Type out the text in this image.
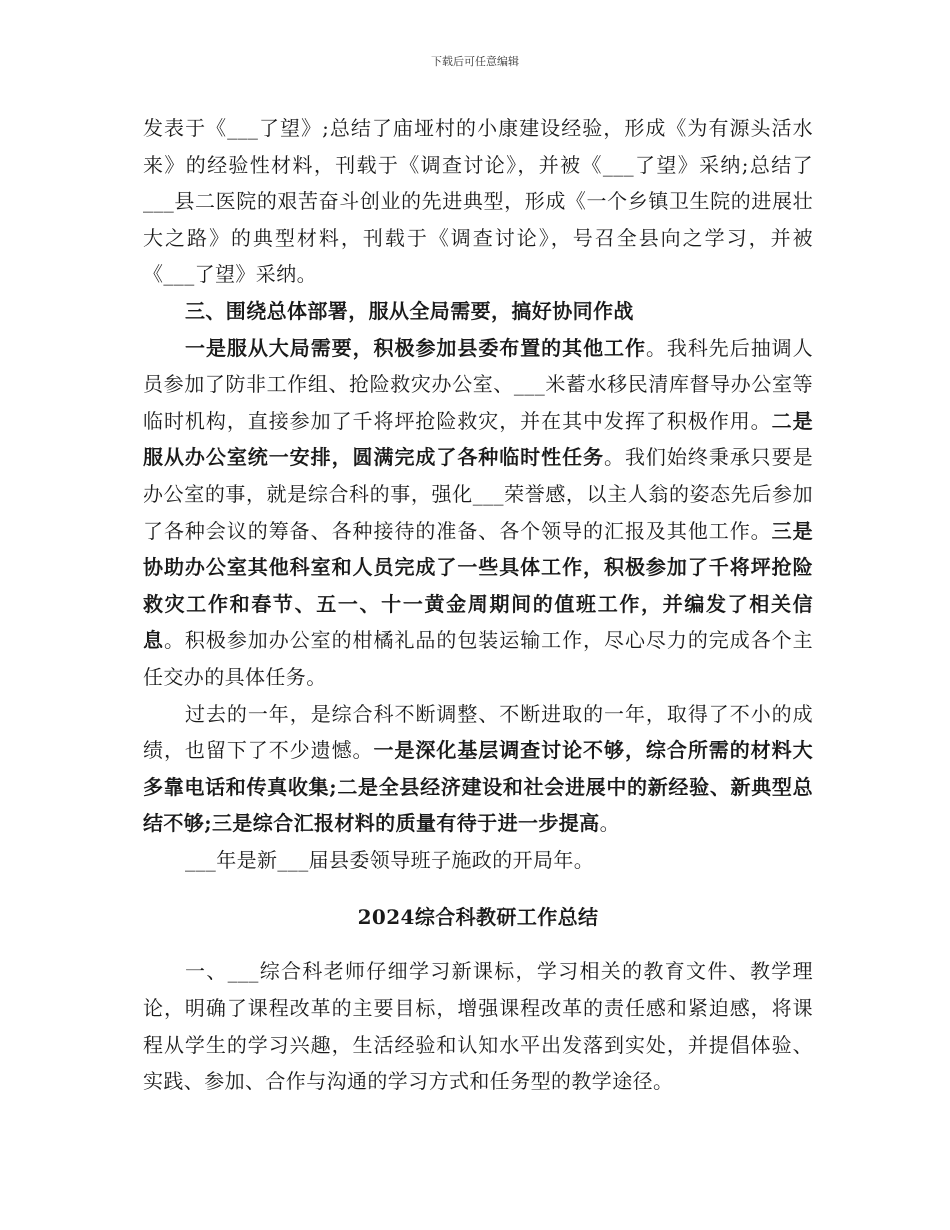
下载后可任意编辑

发表于《___了望》;总结了庙垭村的小康建设经验，形成《为有源头活水来》的经验性材料，刊载于《调查讨论》，并被《___了望》采纳;总结了___县二医院的艰苦奋斗创业的先进典型，形成《一个乡镇卫生院的进展壮大之路》的典型材料，刊载于《调查讨论》，号召全县向之学习，并被《___了望》采纳。

三、围绕总体部署，服从全局需要，搞好协同作战

一是服从大局需要，积极参加县委布置的其他工作。我科先后抽调人员参加了防非工作组、抢险救灾办公室、___米蓄水移民清库督导办公室等临时机构，直接参加了千将坪抢险救灾，并在其中发挥了积极作用。二是服从办公室统一安排，圆满完成了各种临时性任务。我们始终秉承只要是办公室的事，就是综合科的事，强化___荣誉感，以主人翁的姿态先后参加了各种会议的筹备、各种接待的准备、各个领导的汇报及其他工作。三是协助办公室其他科室和人员完成了一些具体工作，积极参加了千将坪抢险救灾工作和春节、五一、十一黄金周期间的值班工作，并编发了相关信息。积极参加办公室的柑橘礼品的包装运输工作，尽心尽力的完成各个主任交办的具体任务。

过去的一年，是综合科不断调整、不断进取的一年，取得了不小的成绩，也留下了不少遗憾。一是深化基层调查讨论不够，综合所需的材料大多靠电话和传真收集;二是全县经济建设和社会进展中的新经验、新典型总结不够;三是综合汇报材料的质量有待于进一步提高。

___年是新___届县委领导班子施政的开局年。

2024综合科教研工作总结

一、___综合科老师仔细学习新课标，学习相关的教育文件、教学理论，明确了课程改革的主要目标，增强课程改革的责任感和紧迫感，将课程从学生的学习兴趣，生活经验和认知水平出发落到实处，并提倡体验、实践、参加、合作与沟通的学习方式和任务型的教学途径。
